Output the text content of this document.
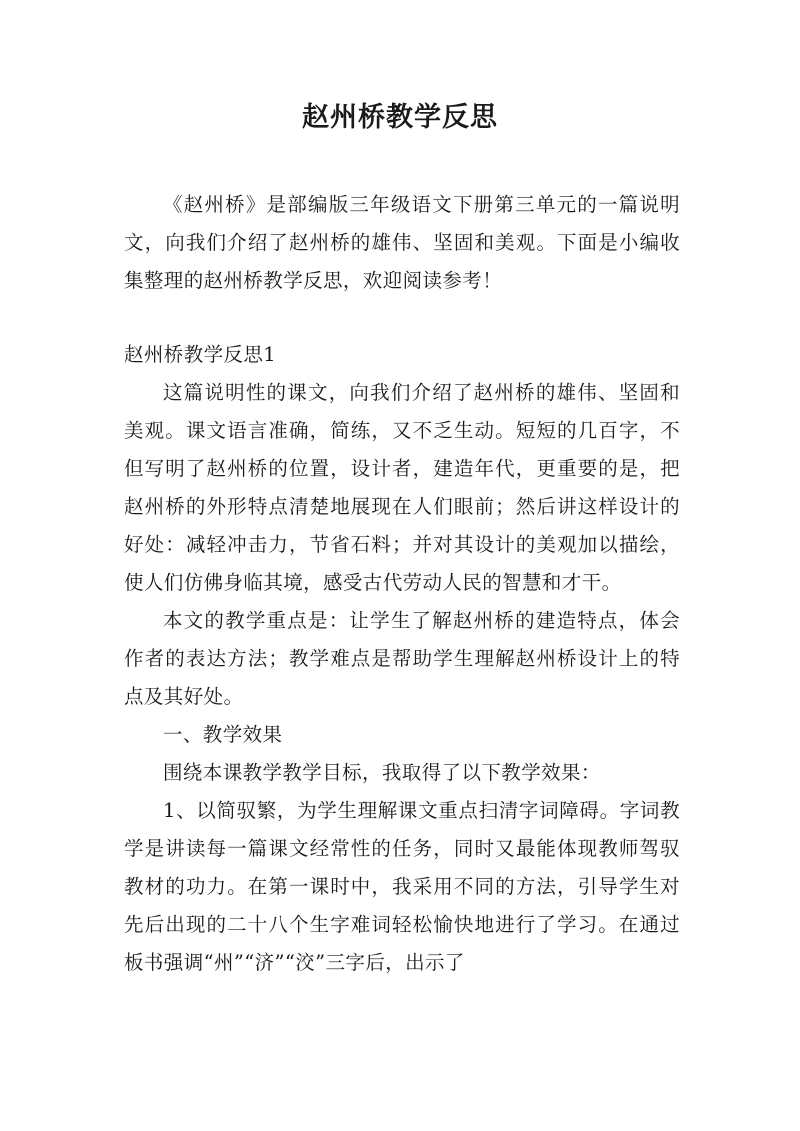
赵州桥教学反思

《赵州桥》是部编版三年级语文下册第三单元的一篇说明文，向我们介绍了赵州桥的雄伟、坚固和美观。下面是小编收集整理的赵州桥教学反思，欢迎阅读参考！

赵州桥教学反思1

这篇说明性的课文，向我们介绍了赵州桥的雄伟、坚固和美观。课文语言准确，简练，又不乏生动。短短的几百字，不但写明了赵州桥的位置，设计者，建造年代，更重要的是，把赵州桥的外形特点清楚地展现在人们眼前；然后讲这样设计的好处：减轻冲击力，节省石料；并对其设计的美观加以描绘，使人们仿佛身临其境，感受古代劳动人民的智慧和才干。

本文的教学重点是：让学生了解赵州桥的建造特点，体会作者的表达方法；教学难点是帮助学生理解赵州桥设计上的特点及其好处。

一、教学效果

围绕本课教学教学目标，我取得了以下教学效果：

1、以简驭繁，为学生理解课文重点扫清字词障碍。字词教学是讲读每一篇课文经常性的任务，同时又最能体现教师驾驭教材的功力。在第一课时中，我采用不同的方法，引导学生对先后出现的二十八个生字难词轻松愉快地进行了学习。在通过板书强调“州”“济”“洨”三字后，出示了
